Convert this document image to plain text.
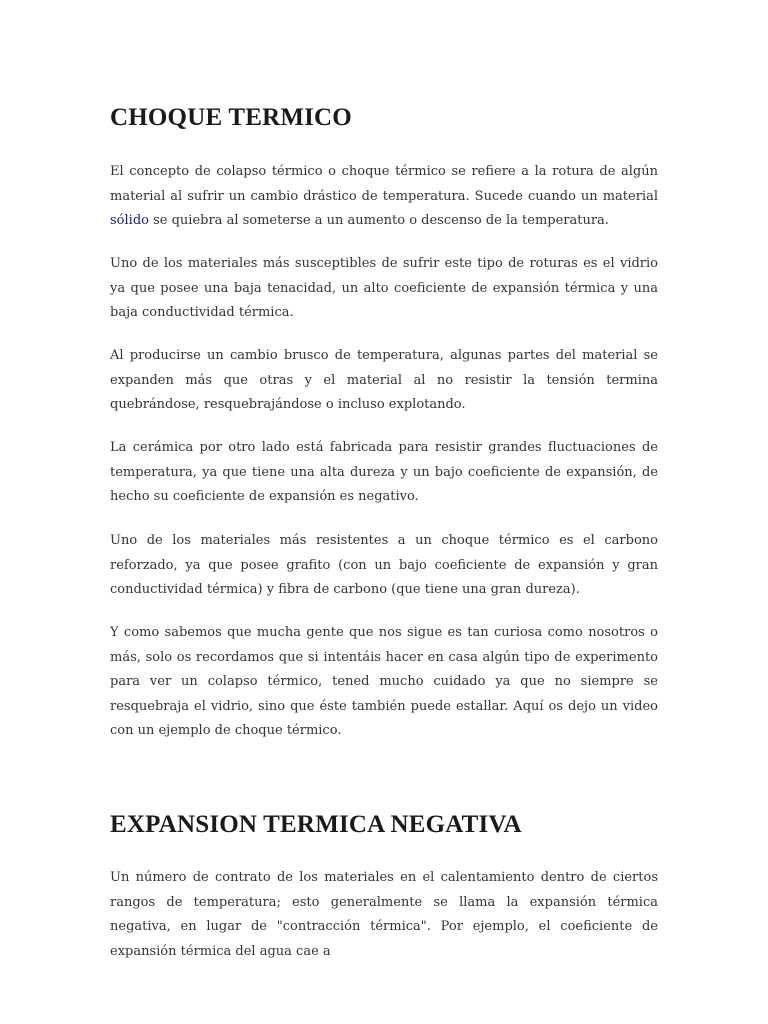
CHOQUE TERMICO

El concepto de colapso térmico o choque térmico se refiere a la rotura de algún material al sufrir un cambio drástico de temperatura. Sucede cuando un material sólido se quiebra al someterse a un aumento o descenso de la temperatura.

Uno de los materiales más susceptibles de sufrir este tipo de roturas es el vidrio ya que posee una baja tenacidad, un alto coeficiente de expansión térmica y una baja conductividad térmica.

Al producirse un cambio brusco de temperatura, algunas partes del material se expanden más que otras y el material al no resistir la tensión termina quebrándose, resquebrajándose o incluso explotando.

La cerámica por otro lado está fabricada para resistir grandes fluctuaciones de temperatura, ya que tiene una alta dureza y un bajo coeficiente de expansión, de hecho su coeficiente de expansión es negativo.

Uno de los materiales más resistentes a un choque térmico es el carbono reforzado, ya que posee grafito (con un bajo coeficiente de expansión y gran conductividad térmica) y fibra de carbono (que tiene una gran dureza).

Y como sabemos que mucha gente que nos sigue es tan curiosa como nosotros o más, solo os recordamos que si intentáis hacer en casa algún tipo de experimento para ver un colapso térmico, tened mucho cuidado ya que no siempre se resquebraja el vidrio, sino que éste también puede estallar. Aquí os dejo un video con un ejemplo de choque térmico.

EXPANSION TERMICA NEGATIVA

Un número de contrato de los materiales en el calentamiento dentro de ciertos rangos de temperatura; esto generalmente se llama la expansión térmica negativa, en lugar de "contracción térmica". Por ejemplo, el coeficiente de expansión térmica del agua cae a
